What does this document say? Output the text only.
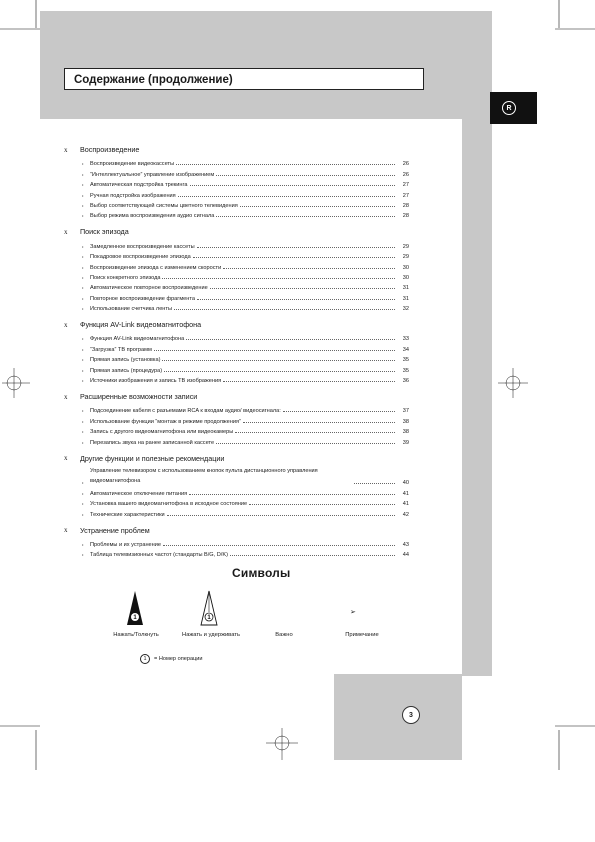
Содержание (продолжение)
R
x	Воспроизведение
• Воспроизведение видеокассеты	26
• “Интеллектуальное” управление изображением	26
• Автоматическая подстройка трекинга	27
• Ручная подстройка изображения	27
• Выбор соответствующей системы цветного телевидения	28
• Выбор режима воспроизведения аудио сигнала	28
x	Поиск эпизода
• Замедленное воспроизведение кассеты	29
• Покадровое воспроизведение эпизода	29
• Воспроизведение эпизода с изменением скорости	30
• Поиск конкретного эпизода	30
• Автоматическое повторное воспроизведение	31
• Повторное воспроизведение фрагмента	31
• Использование счетчика ленты	32
x	Функция AV-Link видеомагнитофона
• Функция AV-Link видеомагнитофона	33
• “Загрузка” ТВ программ	34
• Прямая запись (установка)	35
• Прямая запись (процедура)	35
• Источники изображения и запись ТВ изображения	36
x	Расширенные возможности записи
• Подсоединение кабеля с разъемами RCA к входам аудио/ видеосигнала:	37
• Использование функции “монтаж в режиме продолжения”	38
• Запись с другого видеомагнитофона или видеокамеры	38
• Перезапись звука на ранее записанной кассете	39
x	Другие функции и полезные рекомендации
• Управление телевизором с использованием кнопок пульта дистанционного управления видеомагнитофона	40
• Автоматическое отключение питания	41
• Установка вашего видеомагнитофона в исходное состояние	41
• Технические характеристики	42
x	Устранение проблем
• Проблемы и их устранение	43
• Таблица телевизионных частот (стандарты B/G, D/K)	44
Символы
1	1
➢
Нажать/Толкнуть	Нажать и удерживать	Важно	Примечание
1	= Номер операции
3
